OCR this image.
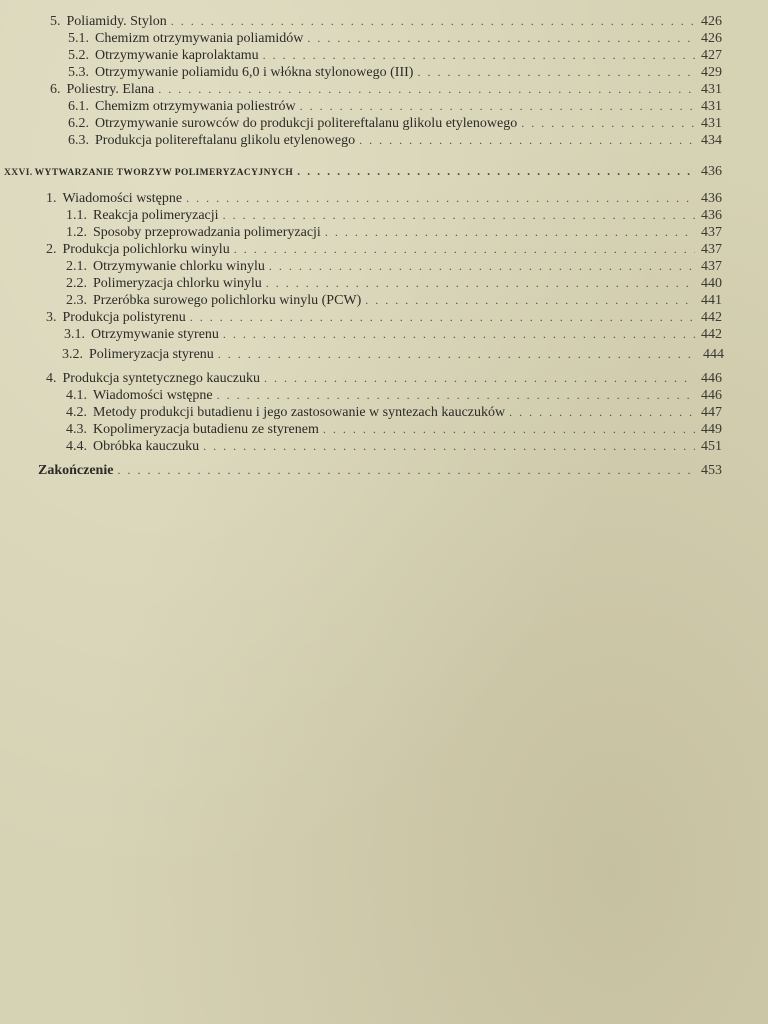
5. Poliamidy. Stylon . . .	426
5.1. Chemizm otrzymywania poliamidów . . .	426
5.2. Otrzymywanie kaprolaktamu . . .	427
5.3. Otrzymywanie poliamidu 6,0 i włókna stylonowego (III) . . .	429
6. Poliestry. Elana . . .	431
6.1. Chemizm otrzymywania poliestrów . . .	431
6.2. Otrzymywanie surowców do produkcji politereftalanu glikolu etylenowego . . .	431
6.3. Produkcja politereftalanu glikolu etylenowego . . .	434
XXVI. WYTWARZANIE TWORZYW POLIMERYZACYJNYCH . . .	436
1. Wiadomości wstępne . . .	436
1.1. Reakcja polimeryzacji . . .	436
1.2. Sposoby przeprowadzania polimeryzacji . . .	437
2. Produkcja polichlorku winylu . . .	437
2.1. Otrzymywanie chlorku winylu . . .	437
2.2. Polimeryzacja chlorku winylu . . .	440
2.3. Przeróbka surowego polichlorku winylu (PCW) . . .	441
3. Produkcja polistyrenu . . .	442
3.1. Otrzymywanie styrenu . . .	442
3.2. Polimeryzacja styrenu . . .	444
4. Produkcja syntetycznego kauczuku . . .	446
4.1. Wiadomości wstępne . . .	446
4.2. Metody produkcji butadienu i jego zastosowanie w syntezach kauczuków . . .	447
4.3. Kopolimeryzacja butadienu ze styrenem . . .	449
4.4. Obróbka kauczuku . . .	451
Zakończenie . . .	453
